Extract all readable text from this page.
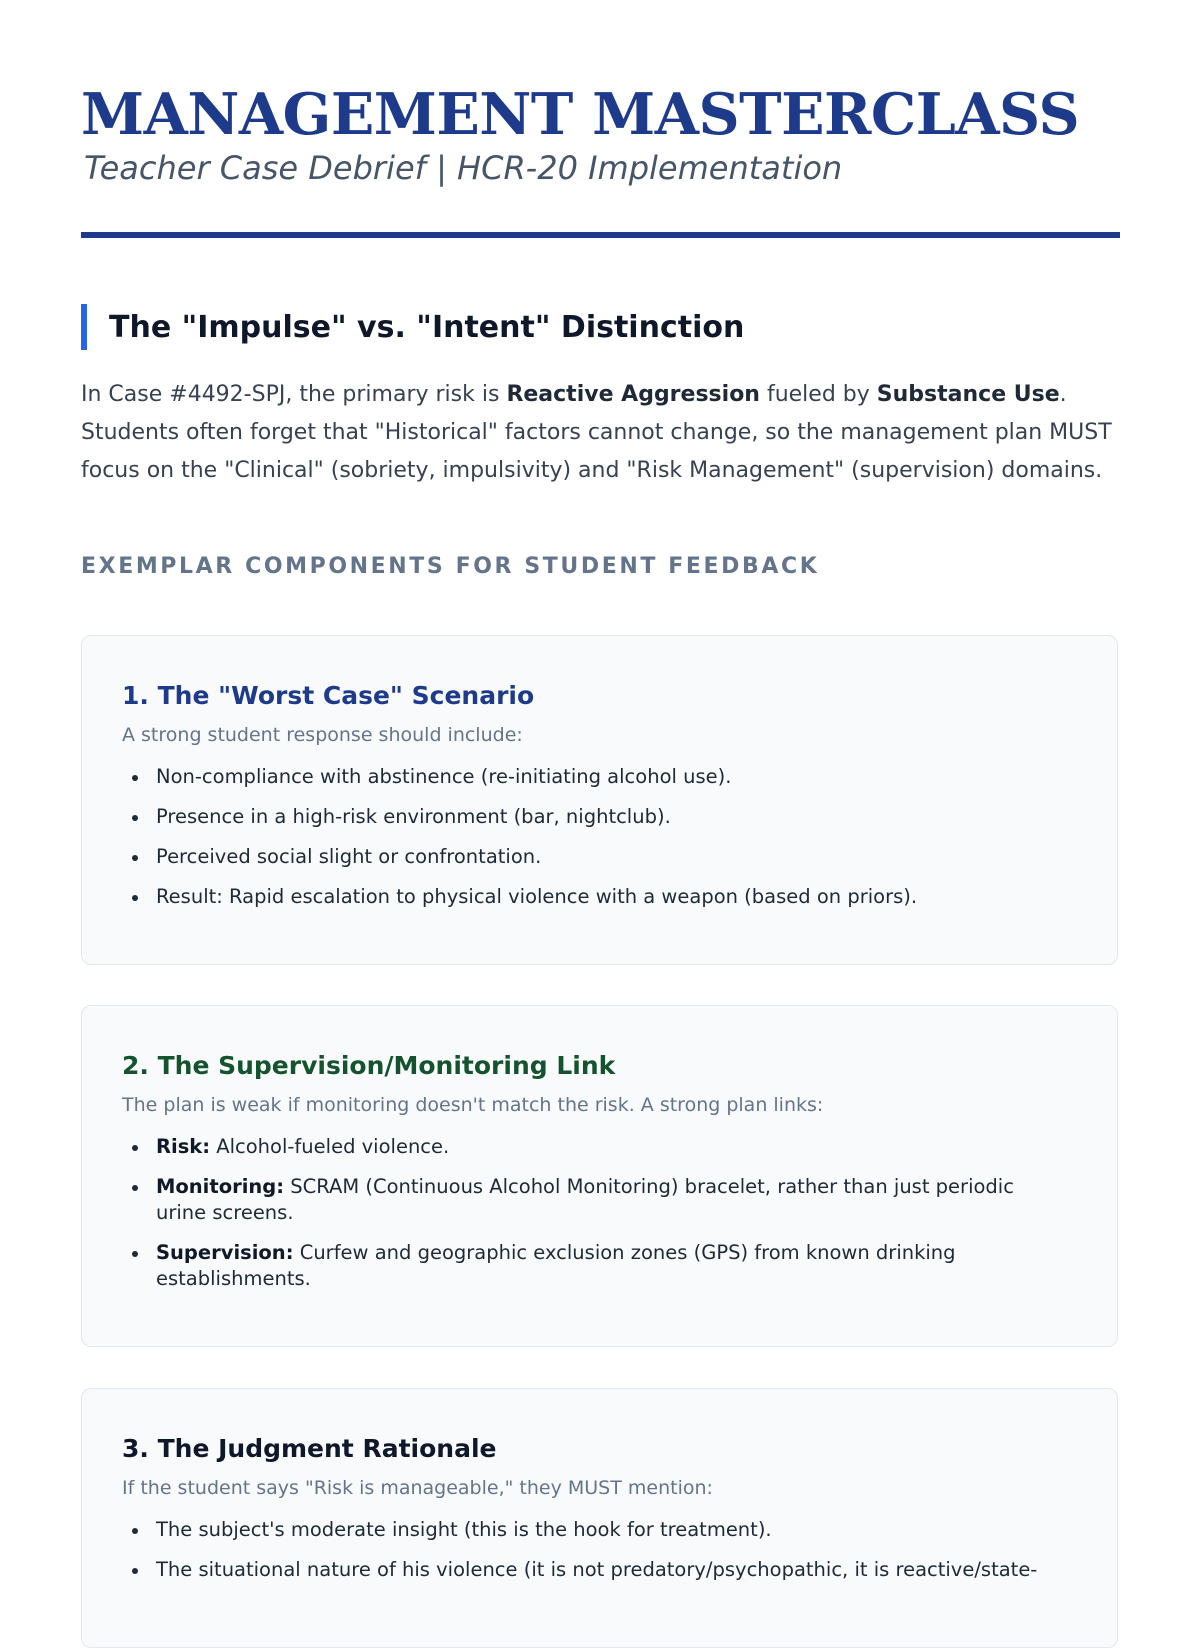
MANAGEMENT MASTERCLASS

Teacher Case Debrief | HCR-20 Implementation

The "Impulse" vs. "Intent" Distinction

In Case #4492-SPJ, the primary risk is Reactive Aggression fueled by Substance Use. Students often forget that "Historical" factors cannot change, so the management plan MUST focus on the "Clinical" (sobriety, impulsivity) and "Risk Management" (supervision) domains.

EXEMPLAR COMPONENTS FOR STUDENT FEEDBACK
1. The "Worst Case" Scenario
A strong student response should include:
Non-compliance with abstinence (re-initiating alcohol use).
Presence in a high-risk environment (bar, nightclub).
Perceived social slight or confrontation.
Result: Rapid escalation to physical violence with a weapon (based on priors).
2. The Supervision/Monitoring Link
The plan is weak if monitoring doesn't match the risk. A strong plan links:
Risk: Alcohol-fueled violence.
Monitoring: SCRAM (Continuous Alcohol Monitoring) bracelet, rather than just periodic urine screens.
Supervision: Curfew and geographic exclusion zones (GPS) from known drinking establishments.
3. The Judgment Rationale
If the student says "Risk is manageable," they MUST mention:
The subject's moderate insight (this is the hook for treatment).
The situational nature of his violence (it is not predatory/psychopathic, it is reactive/state-
